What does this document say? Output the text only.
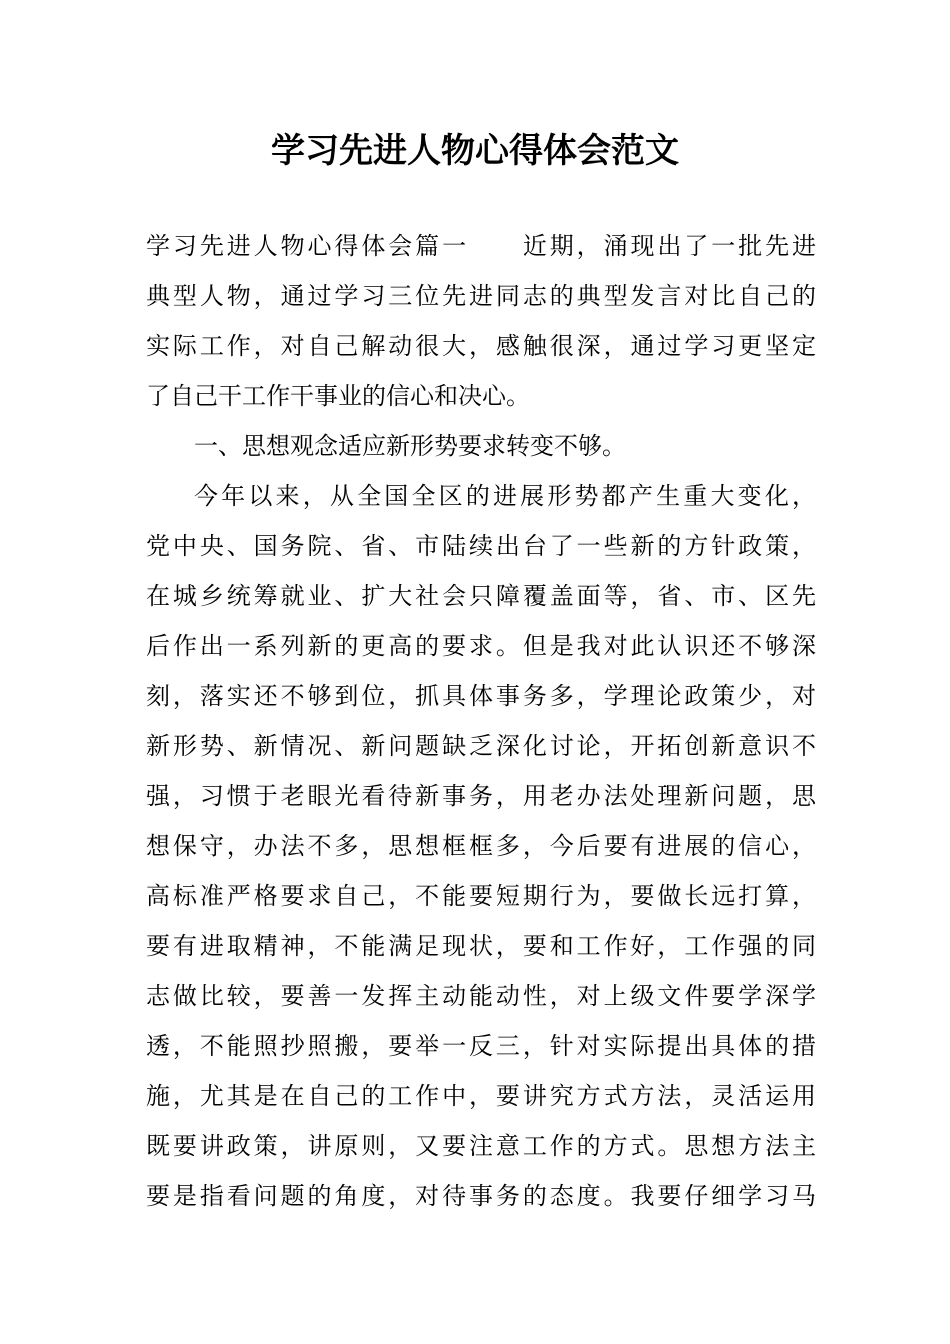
学习先进人物心得体会范文

学习先进人物心得体会篇一　　近期，涌现出了一批先进

典型人物，通过学习三位先进同志的典型发言对比自己的

实际工作，对自己解动很大，感触很深，通过学习更坚定

了自己干工作干事业的信心和决心。

一、思想观念适应新形势要求转变不够。

今年以来，从全国全区的进展形势都产生重大变化，

党中央、国务院、省、市陆续出台了一些新的方针政策，

在城乡统筹就业、扩大社会只障覆盖面等，省、市、区先

后作出一系列新的更高的要求。但是我对此认识还不够深

刻，落实还不够到位，抓具体事务多，学理论政策少，对

新形势、新情况、新问题缺乏深化讨论，开拓创新意识不

强，习惯于老眼光看待新事务，用老办法处理新问题，思

想保守，办法不多，思想框框多，今后要有进展的信心，

高标准严格要求自己，不能要短期行为，要做长远打算，

要有进取精神，不能满足现状，要和工作好，工作强的同

志做比较，要善一发挥主动能动性，对上级文件要学深学

透，不能照抄照搬，要举一反三，针对实际提出具体的措

施，尤其是在自己的工作中，要讲究方式方法，灵活运用

既要讲政策，讲原则，又要注意工作的方式。思想方法主

要是指看问题的角度，对待事务的态度。我要仔细学习马
